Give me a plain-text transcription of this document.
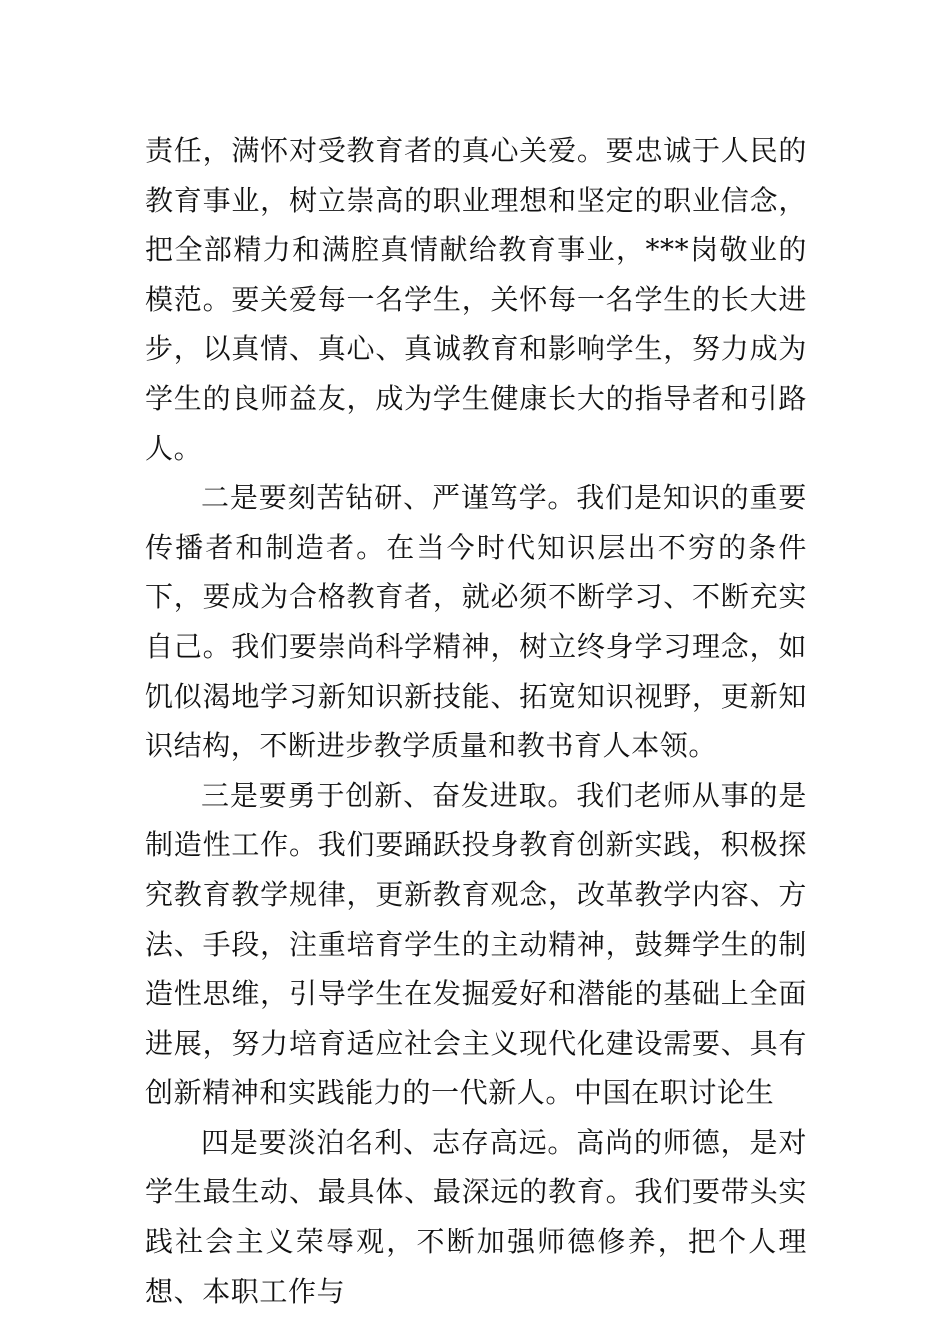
责任，满怀对受教育者的真心关爱。要忠诚于人民的教育事业，树立崇高的职业理想和坚定的职业信念，把全部精力和满腔真情献给教育事业，***岗敬业的模范。要关爱每一名学生，关怀每一名学生的长大进步，以真情、真心、真诚教育和影响学生，努力成为学生的良师益友，成为学生健康长大的指导者和引路人。

二是要刻苦钻研、严谨笃学。我们是知识的重要传播者和制造者。在当今时代知识层出不穷的条件下，要成为合格教育者，就必须不断学习、不断充实自己。我们要崇尚科学精神，树立终身学习理念，如饥似渴地学习新知识新技能、拓宽知识视野，更新知识结构，不断进步教学质量和教书育人本领。

三是要勇于创新、奋发进取。我们老师从事的是制造性工作。我们要踊跃投身教育创新实践，积极探究教育教学规律，更新教育观念，改革教学内容、方法、手段，注重培育学生的主动精神，鼓舞学生的制造性思维，引导学生在发掘爱好和潜能的基础上全面进展，努力培育适应社会主义现代化建设需要、具有创新精神和实践能力的一代新人。中国在职讨论生

四是要淡泊名利、志存高远。高尚的师德，是对学生最生动、最具体、最深远的教育。我们要带头实践社会主义荣辱观，不断加强师德修养，把个人理想、本职工作与
